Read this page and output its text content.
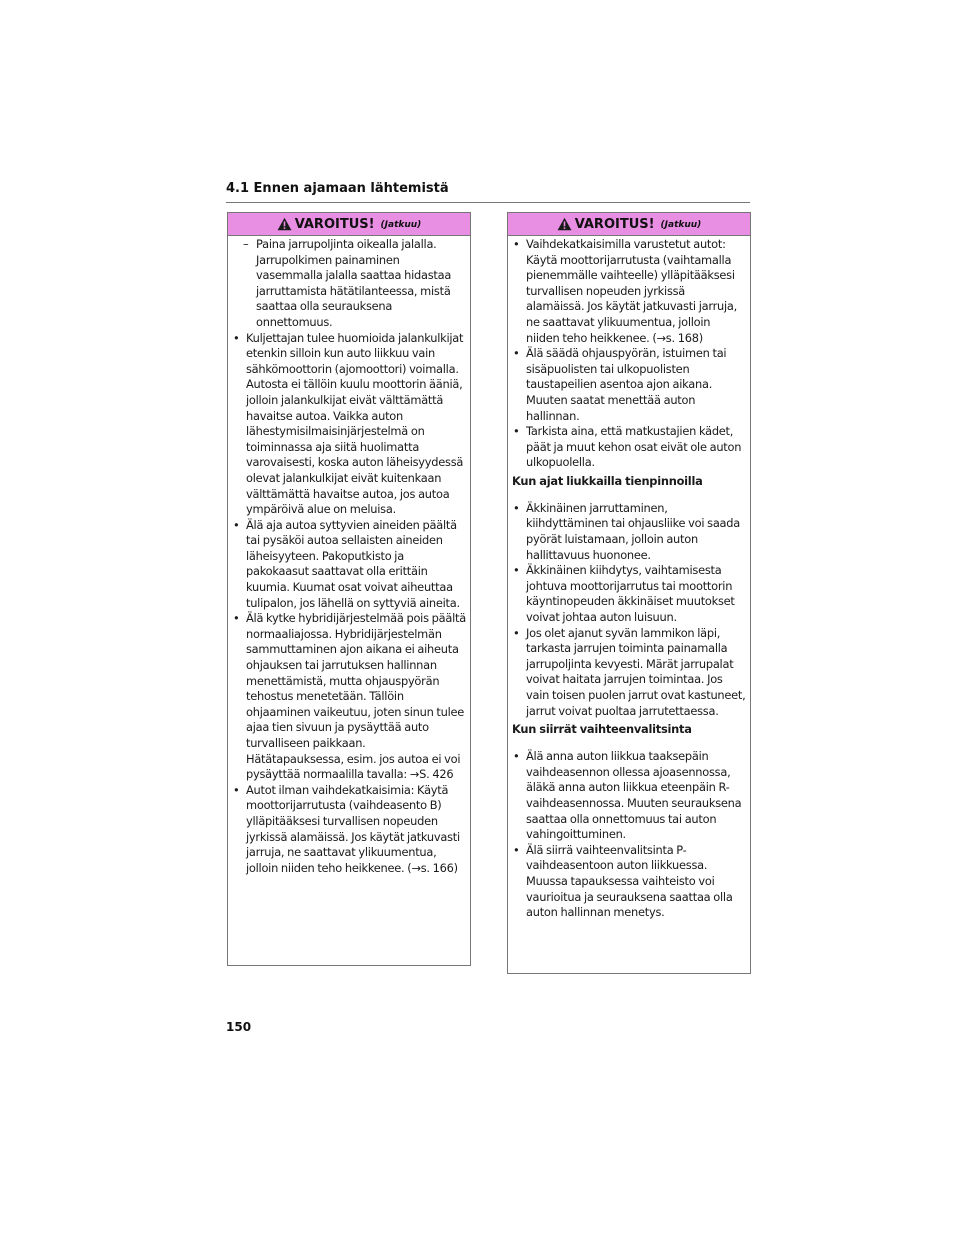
4.1 Ennen ajamaan lähtemistä
VAROITUS! (Jatkuu)

– Paina jarrupoljinta oikealla jalalla. Jarrupolkimen painaminen vasemmalla jalalla saattaa hidastaa jarruttamista hätätilanteessa, mistä saattaa olla seurauksena onnettomuus.

• Kuljettajan tulee huomioida jalankulkijat etenkin silloin kun auto liikkuu vain sähkömoottorin (ajomoottori) voimalla. Autosta ei tällöin kuulu moottorin ääniä, jolloin jalankulkijat eivät välttämättä havaitse autoa. Vaikka auton lähestymisilmaisinjärjestelmä on toiminnassa aja siitä huolimatta varovaisesti, koska auton läheisyydessä olevat jalankulkijat eivät kuitenkaan välttämättä havaitse autoa, jos autoa ympäröivä alue on meluisa.

• Älä aja autoa syttyvien aineiden päältä tai pysäköi autoa sellaisten aineiden läheisyyteen. Pakoputkisto ja pakokaasut saattavat olla erittäin kuumia. Kuumat osat voivat aiheuttaa tulipalon, jos lähellä on syttyviä aineita.

• Älä kytke hybridijärjestelmää pois päältä normaaliajossa. Hybridijärjestelmän sammuttaminen ajon aikana ei aiheuta ohjauksen tai jarrutuksen hallinnan menettämistä, mutta ohjauspyörän tehostus menetetään. Tällöin ohjaaminen vaikeutuu, joten sinun tulee ajaa tien sivuun ja pysäyttää auto turvalliseen paikkaan. Hätätapauksessa, esim. jos autoa ei voi pysäyttää normaalilla tavalla: →S. 426

• Autot ilman vaihdekatkaisimia: Käytä moottorijarrutusta (vaihdeasento B) ylläpitääksesi turvallisen nopeuden jyrkissä alamäissä. Jos käytät jatkuvasti jarruja, ne saattavat ylikuumentua, jolloin niiden teho heikkenee. (→s. 166)

VAROITUS! (Jatkuu)

• Vaihdekatkaisimilla varustetut autot: Käytä moottorijarrutusta (vaihtamalla pienemmälle vaihteelle) ylläpitääksesi turvallisen nopeuden jyrkissä alamäissä. Jos käytät jatkuvasti jarruja, ne saattavat ylikuumentua, jolloin niiden teho heikkenee. (→s. 168)

• Älä säädä ohjauspyörän, istuimen tai sisäpuolisten tai ulkopuolisten taustapeilien asentoa ajon aikana. Muuten saatat menettää auton hallinnan.

• Tarkista aina, että matkustajien kädet, päät ja muut kehon osat eivät ole auton ulkopuolella.

Kun ajat liukkailla tienpinnoilla

• Äkkinäinen jarruttaminen, kiihdyttäminen tai ohjausliike voi saada pyörät luistamaan, jolloin auton hallittavuus huononee.

• Äkkinäinen kiihdytys, vaihtamisesta johtuva moottorijarrutus tai moottorin käyntinopeuden äkkinäiset muutokset voivat johtaa auton luisuun.

• Jos olet ajanut syvän lammikon läpi, tarkasta jarrujen toiminta painamalla jarrupoljinta kevyesti. Märät jarrupalat voivat haitata jarrujen toimintaa. Jos vain toisen puolen jarrut ovat kastuneet, jarrut voivat puoltaa jarrutettaessa.

Kun siirrät vaihteenvalitsinta

• Älä anna auton liikkua taaksepäin vaihdeasennon ollessa ajoasennossa, äläkä anna auton liikkua eteenpäin R-vaihdeasennossa. Muuten seurauksena saattaa olla onnettomuus tai auton vahingoittuminen.

• Älä siirrä vaihteenvalitsinta P-vaihdeasentoon auton liikkuessa. Muussa tapauksessa vaihteisto voi vaurioitua ja seurauksena saattaa olla auton hallinnan menetys.

150
